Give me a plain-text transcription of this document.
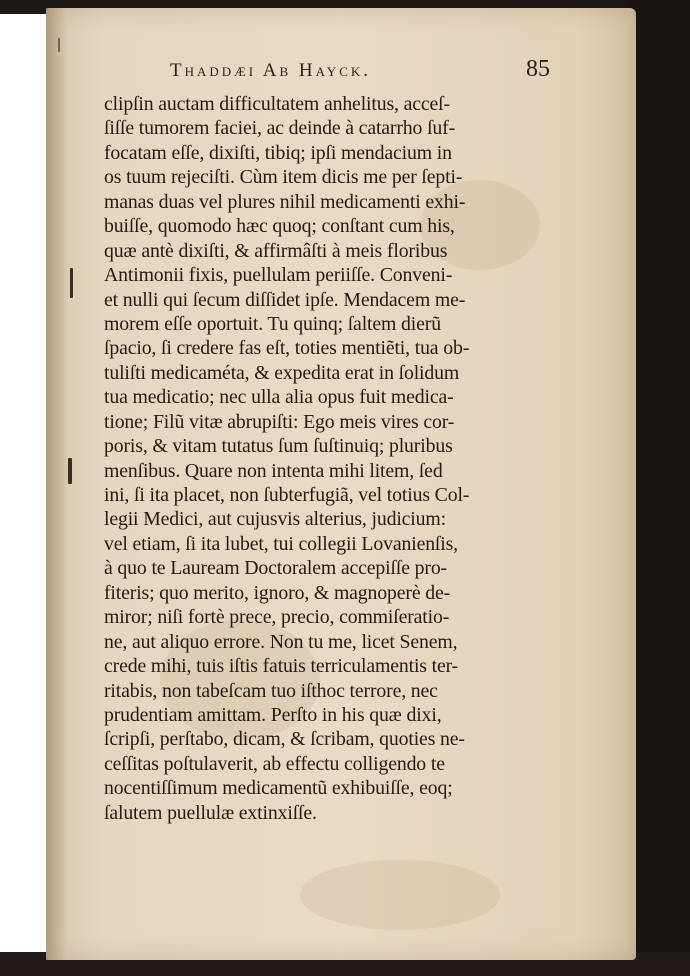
Thaddæi Ab Hayck.	85
clipſin auctam difficultatem anhelitus, acceſ-
ſiſſe tumorem faciei, ac deinde à catarrho ſuf-
focatam eſſe, dixiſti, tibiq; ipſi mendacium in
os tuum rejeciſti. Cùm item dicis me per ſepti-
manas duas vel plures nihil medicamenti exhi-
buiſſe, quomodo hæc quoq; conſtant cum his,
quæ antè dixiſti, & affirmâſti à meis floribus
Antimonii fixis, puellulam periiſſe. Conveni-
et nulli qui ſecum diſſidet ipſe. Mendacem me-
morem eſſe oportuit. Tu quinq; ſaltem dierũ
ſpacio, ſi credere fas eſt, toties mentiẽti, tua ob-
tuliſti medicaméta, & expedita erat in ſolidum
tua medicatio; nec ulla alia opus fuit medica-
tione; Filũ vitæ abrupiſti: Ego meis vires cor-
poris, & vitam tutatus ſum ſuſtinuiq; pluribus
menſibus. Quare non intenta mihi litem, ſed
ini, ſi ita placet, non ſubterfugiã, vel totius Col-
legii Medici, aut cujusvis alterius, judicium:
vel etiam, ſi ita lubet, tui collegii Lovanienſis,
à quo te Lauream Doctoralem accepiſſe pro-
fiteris; quo merito, ignoro, & magnoperè de-
miror; niſi fortè prece, precio, commiſeratio-
ne, aut aliquo errore. Non tu me, licet Senem,
crede mihi, tuis iſtis fatuis terriculamentis ter-
ritabis, non tabeſcam tuo iſthoc terrore, nec
prudentiam amittam. Perſto in his quæ dixi,
ſcripſi, perſtabo, dicam, & ſcribam, quoties ne-
ceſſitas poſtulaverit, ab effectu colligendo te
nocentiſſimum medicamentũ exhibuiſſe, eoq;
ſalutem puellulæ extinxiſſe.
